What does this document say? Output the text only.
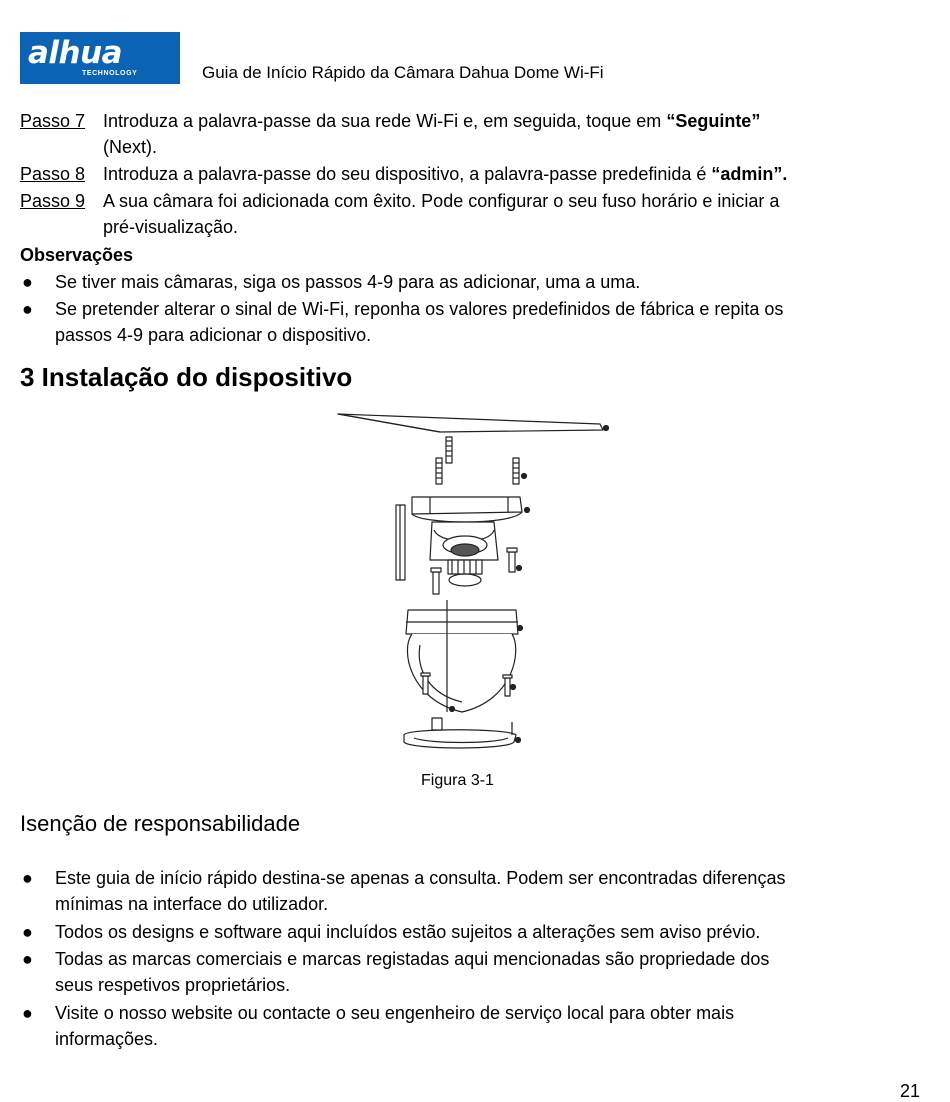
alhua
TECHNOLOGY	Guia de Início Rápido da Câmara Dahua Dome Wi-Fi
Passo 7 Introduza a palavra-passe da sua rede Wi-Fi e, em seguida, toque em “Seguinte”
(Next).
Passo 8 Introduza a palavra-passe do seu dispositivo, a palavra-passe predefinida é “admin”.
Passo 9 A sua câmara foi adicionada com êxito. Pode configurar o seu fuso horário e iniciar a
pré-visualização.
Observações
● Se tiver mais câmaras, siga os passos 4-9 para as adicionar, uma a uma.
● Se pretender alterar o sinal de Wi-Fi, reponha os valores predefinidos de fábrica e repita os
passos 4-9 para adicionar o dispositivo.
3 Instalação do dispositivo
Figura 3-1
Isenção de responsabilidade
● Este guia de início rápido destina-se apenas a consulta. Podem ser encontradas diferenças
mínimas na interface do utilizador.
● Todos os designs e software aqui incluídos estão sujeitos a alterações sem aviso prévio.
● Todas as marcas comerciais e marcas registadas aqui mencionadas são propriedade dos
seus respetivos proprietários.
● Visite o nosso website ou contacte o seu engenheiro de serviço local para obter mais
informações.
21
